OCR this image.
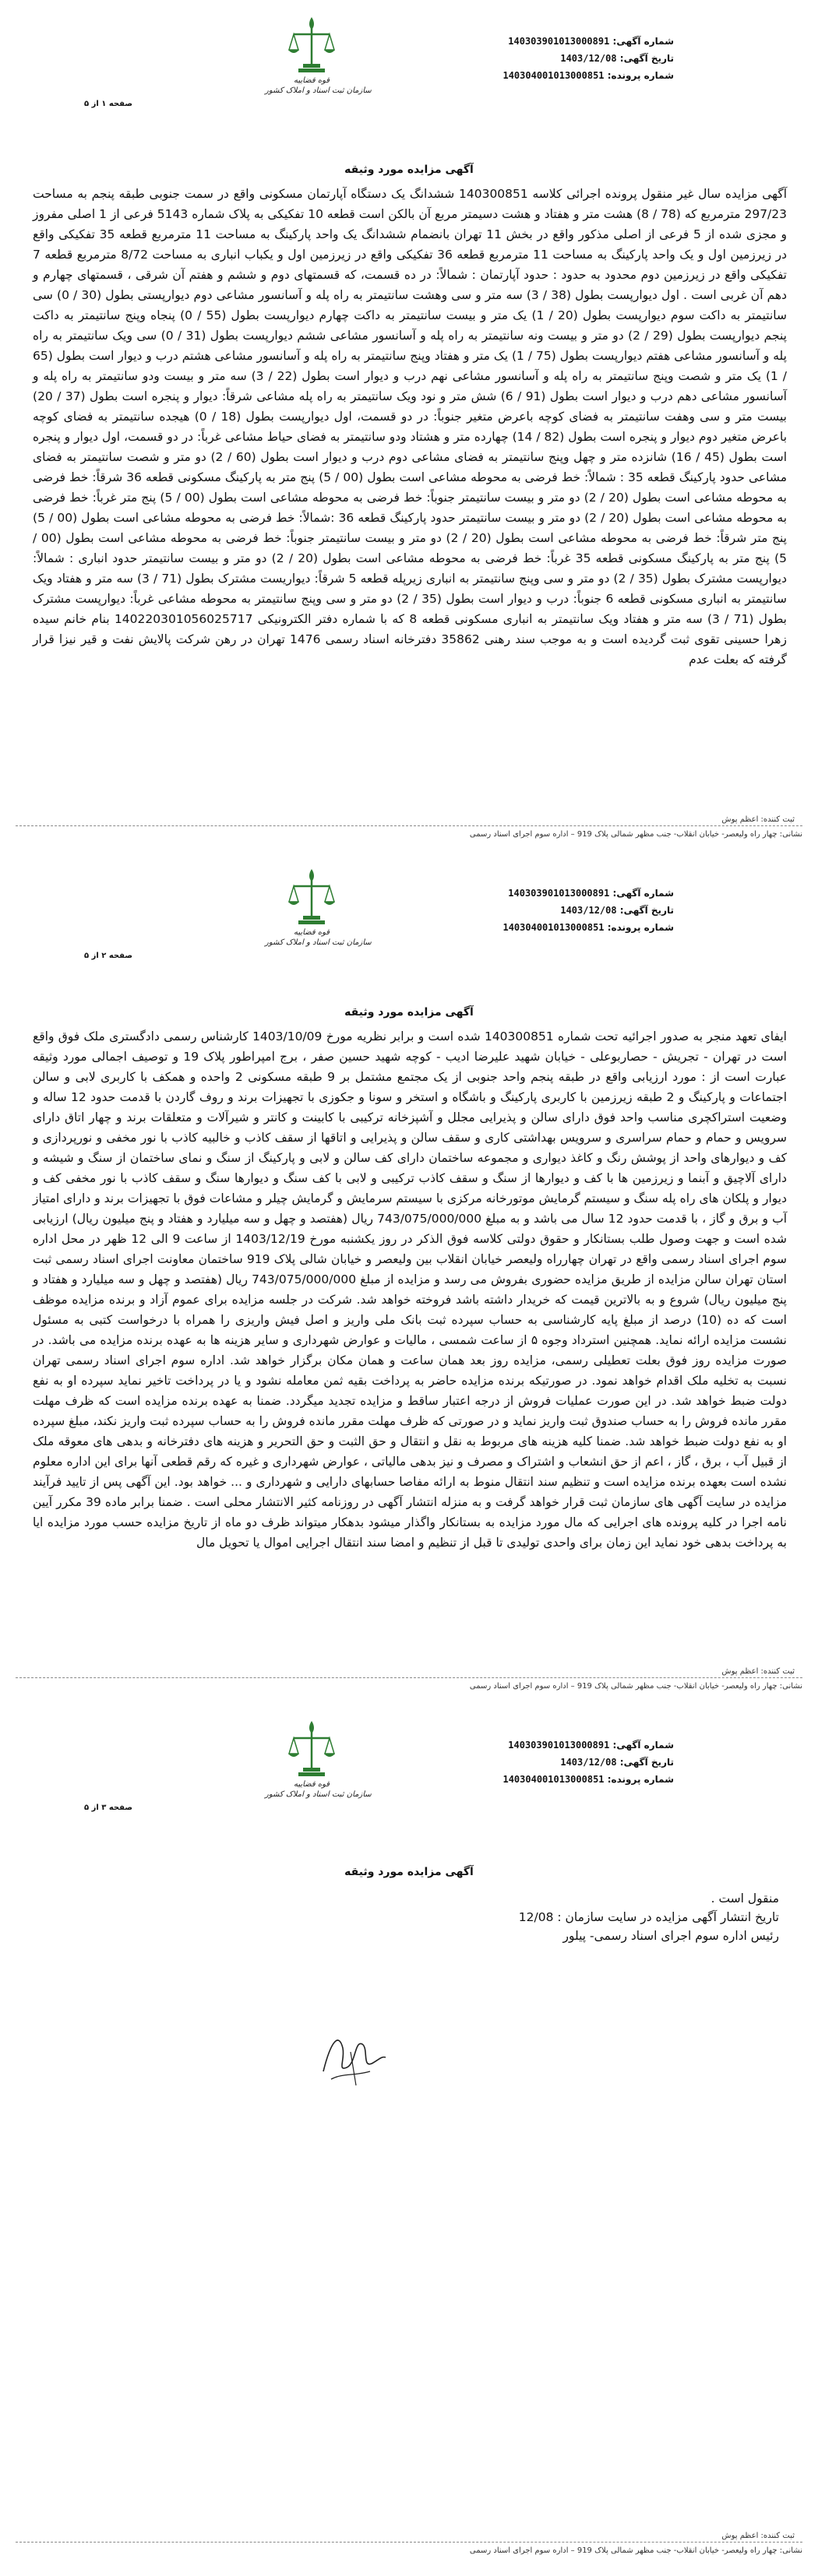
قوه قضاییه
سازمان ثبت اسناد و املاک کشور
شماره آگهی: 140303901013000891
تاریخ آگهی: 1403/12/08
شماره پرونده: 140304001013000851
صفحه ۱ از ۵
آگهی مزایده مورد وثیقه
آگهی مزایده سال غیر منقول پرونده اجرائی کلاسه 140300851 ششدانگ یک دستگاه آپارتمان مسکونی واقع در سمت جنوبی طبقه پنجم به مساحت 297/23 مترمربع که (78 / 8) هشت متر و هفتاد و هشت دسیمتر مربع آن بالکن است قطعه 10 تفکیکی به پلاک شماره 5143 فرعی از 1 اصلی مفروز و مجزی شده از 5 فرعی از اصلی مذکور واقع در بخش 11 تهران بانضمام ششدانگ یک واحد پارکینگ به مساحت 11 مترمربع قطعه 35 تفکیکی واقع در زیرزمین اول و یک واحد پارکینگ به مساحت 11 مترمربع قطعه 36 تفکیکی واقع در زیرزمین اول و یکباب انباری به مساحت 8/72 مترمربع قطعه 7 تفکیکی واقع در زیرزمین دوم محدود به حدود : حدود آپارتمان : شمالاً: در ده قسمت، که قسمتهای دوم و ششم و هفتم آن شرقی ، قسمتهای چهارم و دهم آن غربی است . اول دیوارپست بطول (38 / 3) سه متر و سی وهشت سانتیمتر به راه پله و آسانسور مشاعی دوم دیوارپستی بطول (30 / 0) سی سانتیمتر به داکت سوم دیوارپست بطول (20 / 1) یک متر و بیست سانتیمتر به داکت چهارم دیوارپست بطول (55 / 0) پنجاه وپنج سانتیمتر به داکت پنجم دیوارپست بطول (29 / 2) دو متر و بیست ونه سانتیمتر به راه پله و آسانسور مشاعی ششم دیوارپست بطول (31 / 0) سی ویک سانتیمتر به راه پله و آسانسور مشاعی هفتم دیوارپست بطول (75 / 1) یک متر و هفتاد وپنج سانتیمتر به راه پله و آسانسور مشاعی هشتم درب و دیوار است بطول (65 / 1) یک متر و شصت وپنج سانتیمتر به راه پله و آسانسور مشاعی نهم درب و دیوار است بطول (22 / 3) سه متر و بیست ودو سانتیمتر به راه پله و آسانسور مشاعی دهم درب و دیوار است بطول (91 / 6) شش متر و نود ویک سانتیمتر به راه پله مشاعی شرقاً: دیوار و پنجره است بطول (37 / 20) بیست متر و سی وهفت سانتیمتر به فضای کوچه باعرض متغیر جنوباً: در دو قسمت، اول دیوارپست بطول (18 / 0) هیجده سانتیمتر به فضای کوچه باعرض متغیر دوم دیوار و پنجره است بطول (82 / 14) چهارده متر و هشتاد ودو سانتیمتر به فضای حیاط مشاعی غرباً: در دو قسمت، اول دیوار و پنجره است بطول (45 / 16) شانزده متر و چهل وپنج سانتیمتر به فضای مشاعی دوم درب و دیوار است بطول (60 / 2) دو متر و شصت سانتیمتر به فضای مشاعی حدود پارکینگ قطعه 35 : شمالاً: خط فرضی به محوطه مشاعی است بطول (00 / 5) پنج متر به پارکینگ مسکونی قطعه 36 شرقاً: خط فرضی به محوطه مشاعی است بطول (20 / 2) دو متر و بیست سانتیمتر جنوباً: خط فرضی به محوطه مشاعی است بطول (00 / 5) پنج متر غرباً: خط فرضی به محوطه مشاعی است بطول (20 / 2) دو متر و بیست سانتیمتر حدود پارکینگ قطعه 36 :شمالاً: خط فرضی به محوطه مشاعی است بطول (00 / 5) پنج متر شرقاً: خط فرضی به محوطه مشاعی است بطول (20 / 2) دو متر و بیست سانتیمتر جنوباً: خط فرضی به محوطه مشاعی است بطول (00 / 5) پنج متر به پارکینگ مسکونی قطعه 35 غرباً: خط فرضی به محوطه مشاعی است بطول (20 / 2) دو متر و بیست سانتیمتر حدود انباری : شمالاً: دیوارپست مشترک بطول (35 / 2) دو متر و سی وپنج سانتیمتر به انباری زیرپله قطعه 5 شرقاً: دیواریست مشترک بطول (71 / 3) سه متر و هفتاد ویک سانتیمتر به انباری مسکونی قطعه 6 جنوباً: درب و دیوار است بطول (35 / 2) دو متر و سی وپنج سانتیمتر به محوطه مشاعی غرباً: دیوارپست مشترک بطول (71 / 3) سه متر و هفتاد ویک سانتیمتر به انباری مسکونی قطعه 8 که با شماره دفتر الکترونیکی 140220301056025717 بنام خانم سیده زهرا حسینی تقوی ثبت گردیده است و به موجب سند رهنی 35862 دفترخانه اسناد رسمی 1476 تهران در رهن شرکت پالایش نفت و قیر نیزا قرار گرفته که بعلت عدم
ثبت کننده: اعظم پوش
نشانی: چهار راه ولیعصر- خیابان انقلاب- جنب مظهر شمالی پلاک 919 – اداره سوم اجرای اسناد رسمی
قوه قضاییه
سازمان ثبت اسناد و املاک کشور
شماره آگهی: 140303901013000891
تاریخ آگهی: 1403/12/08
شماره پرونده: 140304001013000851
صفحه ۲ از ۵
آگهی مزایده مورد وثیقه
ایفای تعهد منجر به صدور اجرائیه تحت شماره 140300851 شده است و برابر نظریه مورخ 1403/10/09 کارشناس رسمی دادگستری ملک فوق واقع است در تهران - تجریش - حصاربوعلی - خیابان شهید علیرضا ادیب - کوچه شهید حسین صفر ، برج امپراطور پلاک 19 و توصیف اجمالی مورد وثیقه عبارت است از : مورد ارزیابی واقع در طبقه پنجم واحد جنوبی از یک مجتمع مشتمل بر 9 طبقه مسکونی 2 واحده و همکف با کاربری لابی و سالن اجتماعات و پارکینگ و 2 طبقه زیرزمین با کاربری پارکینگ و باشگاه و استخر و سونا و جکوزی با تجهیزات برند و روف گاردن با قدمت حدود 12 ساله و وضعیت استراکچری مناسب واحد فوق دارای سالن و پذیرایی مجلل و آشپزخانه ترکیبی با کابینت و کانتر و شیرآلات و متعلقات برند و چهار اتاق دارای سرویس و حمام و حمام سراسری و سرویس بهداشتی کاری و سقف سالن و پذیرایی و اتاقها از سقف کاذب و خالبیه کاذب با نور مخفی و نورپردازی و کف و دیوارهای واحد از پوشش رنگ و کاغذ دیواری و مجموعه ساختمان دارای کف سالن و لابی و پارکینگ از سنگ و نمای ساختمان از سنگ و شیشه و دارای آلاچیق و آبنما و زیرزمین ها با کف و دیوارها از سنگ و سقف کاذب ترکیبی و لابی با کف سنگ و دیوارها سنگ و سقف کاذب با نور مخفی کف و دیوار و پلکان های راه پله سنگ و سیستم گرمایش موتورخانه مرکزی با سیستم سرمایش و گرمایش چیلر و مشاعات فوق با تجهیزات برند و دارای امتیاز آب و برق و گاز ، با قدمت حدود 12 سال می باشد و به مبلغ 743/075/000/000 ریال (هفتصد و چهل و سه میلیارد و هفتاد و پنج میلیون ریال) ارزیابی شده است و جهت وصول طلب بستانکار و حقوق دولتی کلاسه فوق الذکر در روز یکشنبه مورخ 1403/12/19 از ساعت 9 الی 12 ظهر در محل اداره سوم اجرای اسناد رسمی واقع در تهران چهارراه ولیعصر خیابان انقلاب بین ولیعصر و خیابان شالی پلاک 919 ساختمان معاونت اجرای اسناد رسمی ثبت استان تهران سالن مزایده از طریق مزایده حضوری بفروش می رسد و مزایده از مبلغ 743/075/000/000 ریال (هفتصد و چهل و سه میلیارد و هفتاد و پنج میلیون ریال) شروع و به بالاترین قیمت که خریدار داشته باشد فروخته خواهد شد. شرکت در جلسه مزایده برای عموم آزاد و برنده مزایده موظف است که ده (10) درصد از مبلغ پایه کارشناسی به حساب سپرده ثبت بانک ملی واریز و اصل فیش واریزی را همراه با درخواست کتبی به مسئول نشست مزایده ارائه نماید. همچنین استرداد وجوه ۵ از ساعت شمسی ، مالیات و عوارض شهرداری و سایر هزینه ها به عهده برنده مزایده می باشد. در صورت مزایده روز فوق بعلت تعطیلی رسمی، مزایده روز بعد همان ساعت و همان مکان برگزار خواهد شد. اداره سوم اجرای اسناد رسمی تهران نسبت به تخلیه ملک اقدام خواهد نمود. در صورتیکه برنده مزایده حاضر به پرداخت بقیه ثمن معامله نشود و یا در پرداخت تاخیر نماید سپرده او به نفع دولت ضبط خواهد شد. در این صورت عملیات فروش از درجه اعتبار ساقط و مزایده تجدید میگردد. ضمنا به عهده برنده مزایده است که ظرف مهلت مقرر مانده فروش را به حساب صندوق ثبت واریز نماید و در صورتی که ظرف مهلت مقرر مانده فروش را به حساب سپرده ثبت واریز نکند، مبلغ سپرده او به نفع دولت ضبط خواهد شد. ضمنا کلیه هزینه های مربوط به نقل و انتقال و حق الثبت و حق التحریر و هزینه های دفترخانه و بدهی های معوقه ملک از قبیل آب ، برق ، گاز ، اعم از حق انشعاب و اشتراک و مصرف و نیز بدهی مالیاتی ، عوارض شهرداری و غیره که رقم قطعی آنها برای این اداره معلوم نشده است بعهده برنده مزایده است و تنظیم سند انتقال منوط به ارائه مفاصا حسابهای دارایی و شهرداری و ... خواهد بود. این آگهی پس از تایید فرآیند مزایده در سایت آگهی های سازمان ثبت قرار خواهد گرفت و به منزله انتشار آگهی در روزنامه کثیر الانتشار محلی است . ضمنا برابر ماده 39 مکرر آیین نامه اجرا در کلیه پرونده های اجرایی که مال مورد مزایده به بستانکار واگذار میشود بدهکار میتواند ظرف دو ماه از تاریخ مزایده حسب مورد مزایده ایا به پرداخت بدهی خود نماید این زمان برای واحدی تولیدی تا قبل از تنظیم و امضا سند انتقال اجرایی اموال یا تحویل مال
ثبت کننده: اعظم پوش
نشانی: چهار راه ولیعصر- خیابان انقلاب- جنب مظهر شمالی پلاک 919 – اداره سوم اجرای اسناد رسمی
قوه قضاییه
سازمان ثبت اسناد و املاک کشور
شماره آگهی: 140303901013000891
تاریخ آگهی: 1403/12/08
شماره پرونده: 140304001013000851
صفحه ۳ از ۵
آگهی مزایده مورد وثیقه
منقول است .
تاریخ انتشار آگهی مزایده در سایت سازمان : 12/08
رئیس اداره سوم اجرای اسناد رسمی- پیلور
ثبت کننده: اعظم پوش
نشانی: چهار راه ولیعصر- خیابان انقلاب- جنب مظهر شمالی پلاک 919 – اداره سوم اجرای اسناد رسمی
